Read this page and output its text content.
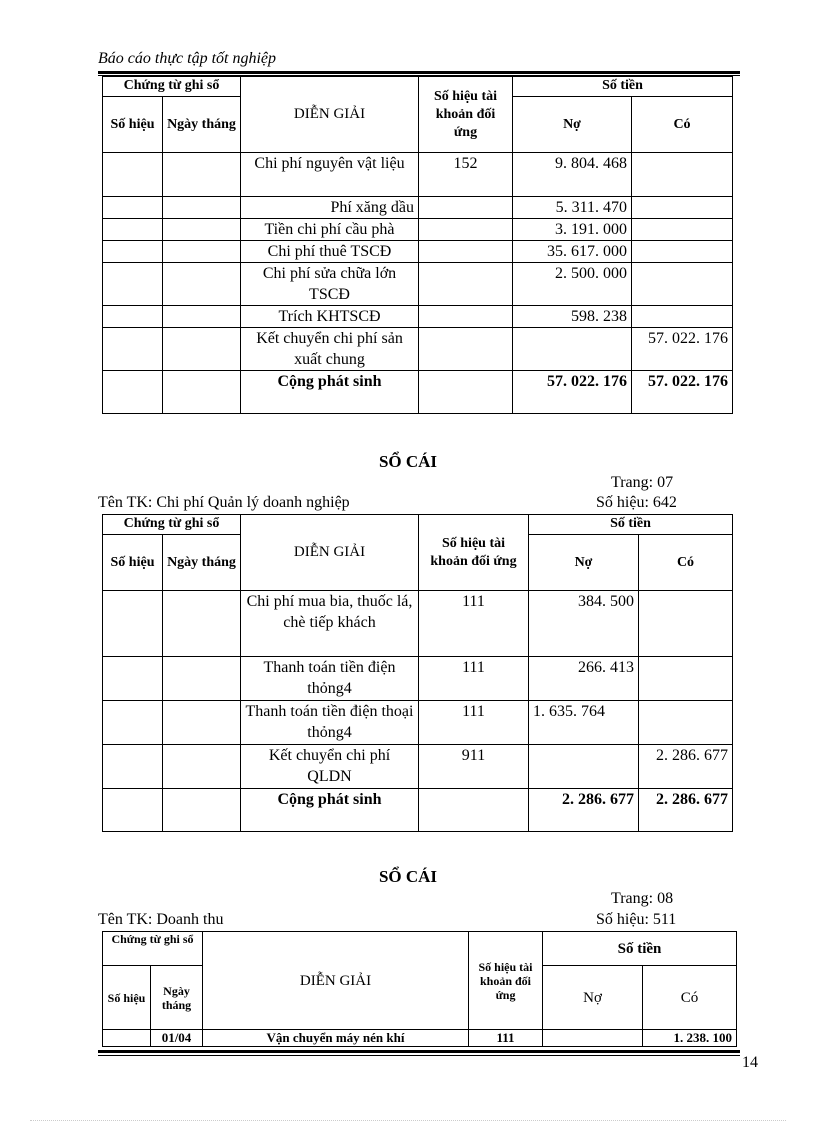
Báo cáo thực tập tốt nghiệp
Chứng từ ghi sổ		DIỄN GIẢI	Số hiệu tài khoản đối ứng	Số tiền	
Số hiệu	Ngày tháng			Nợ	Có
		Chi phí nguyên vật liệu	152	9. 804. 468	
		Phí xăng dầu		5. 311. 470	
		Tiền chi phí cầu phà		3. 191. 000	
		Chi phí thuê TSCĐ		35. 617. 000	
		Chi phí sửa chữa lớn TSCĐ		2. 500. 000	
		Trích KHTSCĐ		598. 238	
		Kết chuyển chi phí sản xuất chung			57. 022. 176
		Cộng phát sinh		57. 022. 176	57. 022. 176
SỔ CÁI
Trang: 07
Tên TK: Chi phí Quản lý doanh nghiệp	Số hiệu: 642
Chứng từ ghi sổ		DIỄN GIẢI	Số hiệu tài khoản đối ứng	Số tiền	
Số hiệu	Ngày tháng			Nợ	Có
		Chi phí mua bia, thuốc lá, chè tiếp khách	111	384. 500	
		Thanh toán tiền điện thỏng4	111	266. 413	
		Thanh toán tiền điện thoại thỏng4	111	1. 635. 764	
		Kết chuyển chi phí QLDN	911		2. 286. 677
		Cộng phát sinh		2. 286. 677	2. 286. 677
SỔ CÁI
Trang: 08
Tên TK: Doanh thu	Số hiệu: 511
Chứng từ ghi sổ		DIỄN GIẢI	Số hiệu tài khoản đối ứng	Số tiền	
Số hiệu	Ngày tháng			Nợ	Có
	01/04	Vận chuyển máy nén khí	111		1. 238. 100
14
